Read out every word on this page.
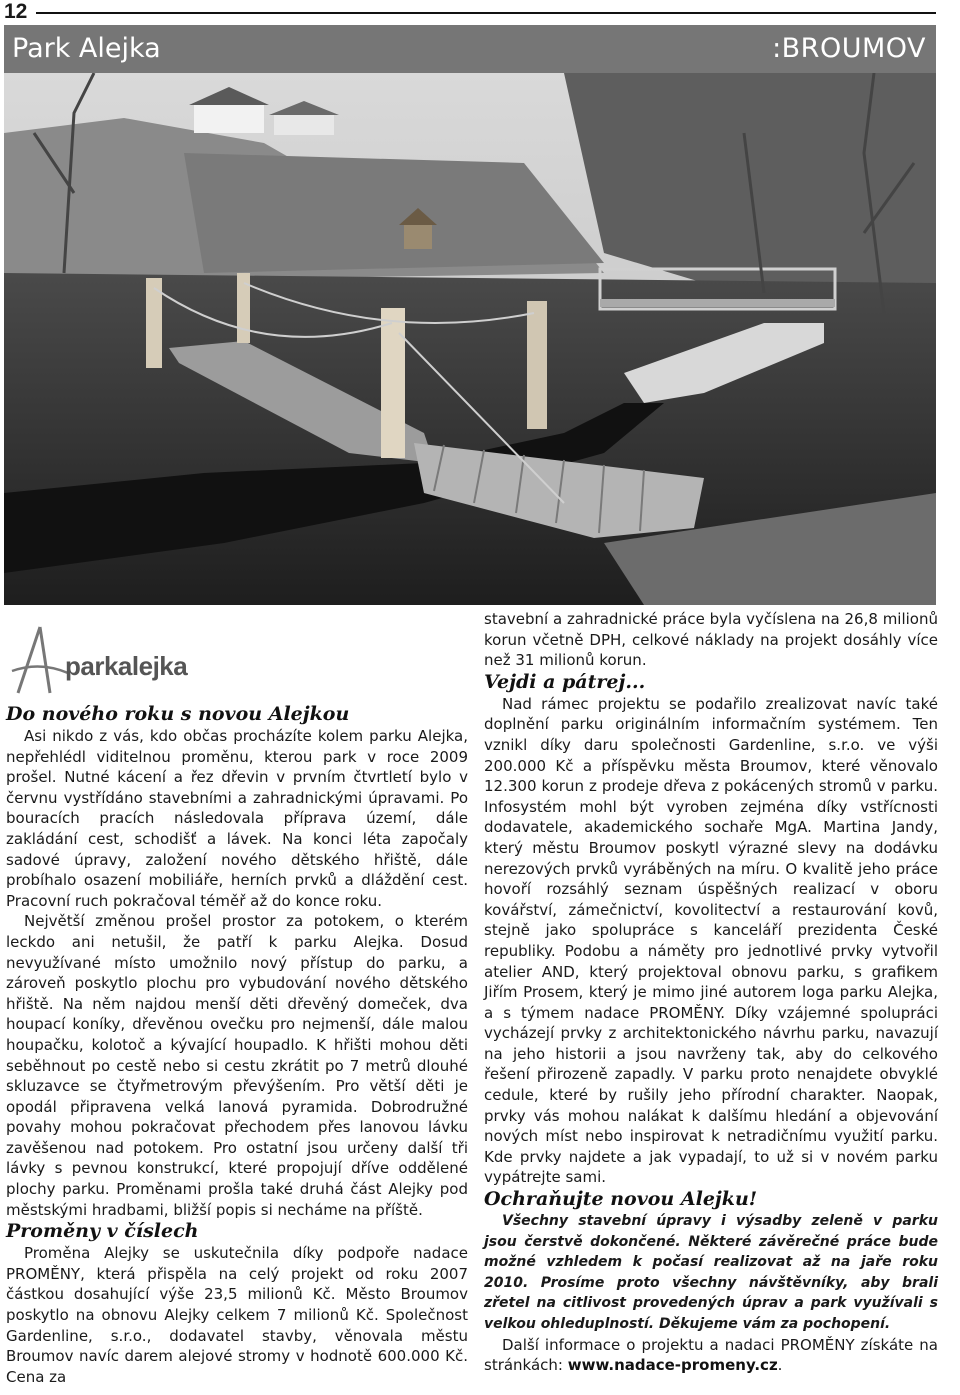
12
Park Alejka	:BROUMOV
parkalejka
Do nového roku s novou Alejkou

Asi nikdo z vás, kdo občas procházíte kolem parku Alejka, nepřehlédl viditelnou proměnu, kterou park v roce 2009 prošel. Nutné kácení a řez dřevin v prvním čtvrtletí bylo v červnu vystřídáno stavebními a zahradnickými úpravami. Po bouracích pracích následovala příprava území, dále zakládání cest, schodišť a lávek. Na konci léta započaly sadové úpravy, založení nového dětského hřiště, dále probíhalo osazení mobiliáře, herních prvků a dláždění cest. Pracovní ruch pokračoval téměř až do konce roku.

Největší změnou prošel prostor za potokem, o kterém leckdo ani netušil, že patří k parku Alejka. Dosud nevyužívané místo umožnilo nový přístup do parku, a zároveň poskytlo plochu pro vybudování nového dětského hřiště. Na něm najdou menší děti dřevěný domeček, dva houpací koníky, dřevěnou ovečku pro nejmenší, dále malou houpačku, kolotoč a kývající houpadlo. K hřišti mohou děti seběhnout po cestě nebo si cestu zkrátit po 7 metrů dlouhé skluzavce se čtyřmetrovým převýšením. Pro větší děti je opodál připravena velká lanová pyramida. Dobrodružné povahy mohou pokračovat přechodem přes lanovou lávku zavěšenou nad potokem. Pro ostatní jsou určeny další tři lávky s pevnou konstrukcí, které propojují dříve oddělené plochy parku. Proměnami prošla také druhá část Alejky pod městskými hradbami, bližší popis si necháme na příště.

Proměny v číslech

Proměna Alejky se uskutečnila díky podpoře nadace PROMĚNY, která přispěla na celý projekt od roku 2007 částkou dosahující výše 23,5 milionů Kč. Město Broumov poskytlo na obnovu Alejky celkem 7 milionů Kč. Společnost Gardenline, s.r.o., dodavatel stavby, věnovala městu Broumov navíc darem alejové stromy v hodnotě 600.000 Kč. Cena za

stavební a zahradnické práce byla vyčíslena na 26,8 milionů korun včetně DPH, celkové náklady na projekt dosáhly více než 31 milionů korun.

Vejdi a pátrej...

Nad rámec projektu se podařilo zrealizovat navíc také doplnění parku originálním informačním systémem. Ten vznikl díky daru společnosti Gardenline, s.r.o. ve výši 200.000 Kč a příspěvku města Broumov, které věnovalo 12.300 korun z prodeje dřeva z pokácených stromů v parku. Infosystém mohl být vyroben zejména díky vstřícnosti dodavatele, akademického sochaře MgA. Martina Jandy, který městu Broumov poskytl výrazné slevy na dodávku nerezových prvků vyráběných na míru. O kvalitě jeho práce hovoří rozsáhlý seznam úspěšných realizací v oboru kovářství, zámečnictví, kovolitectví a restaurování kovů, stejně jako spolupráce s kanceláří prezidenta České republiky. Podobu a náměty pro jednotlivé prvky vytvořil atelier AND, který projektoval obnovu parku, s grafikem Jiřím Prosem, který je mimo jiné autorem loga parku Alejka, a s týmem nadace PROMĚNY. Díky vzájemné spolupráci vycházejí prvky z architektonického návrhu parku, navazují na jeho historii a jsou navrženy tak, aby do celkového řešení přirozeně zapadly. V parku proto nenajdete obvyklé cedule, které by rušily jeho přírodní charakter. Naopak, prvky vás mohou nalákat k dalšímu hledání a objevování nových míst nebo inspirovat k netradičnímu využití parku. Kde prvky najdete a jak vypadají, to už si v novém parku vypátrejte sami.

Ochraňujte novou Alejku!

Všechny stavební úpravy i výsadby zeleně v parku jsou čerstvě dokončené. Některé závěrečné práce bude možné vzhledem k počasí realizovat až na jaře roku 2010. Prosíme proto všechny návštěvníky, aby brali zřetel na citlivost provedených úprav a park využívali s velkou ohleduplností. Děkujeme vám za pochopení.

Další informace o projektu a nadaci PROMĚNY získáte na stránkách: www.nadace-promeny.cz.
